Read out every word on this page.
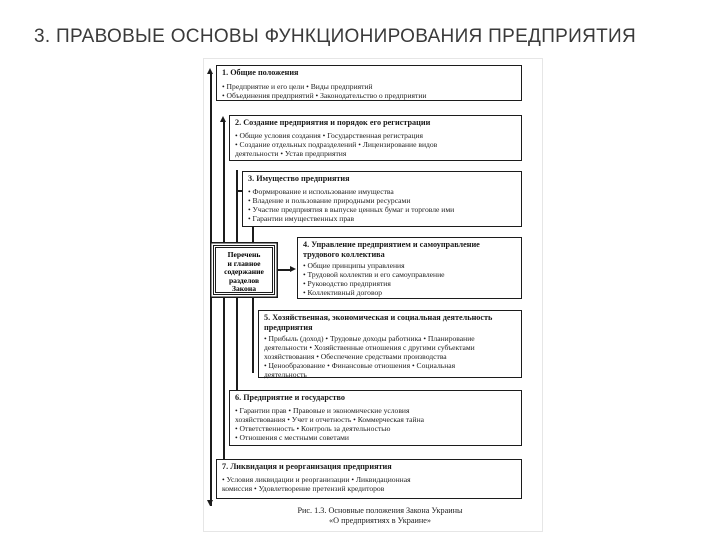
3. ПРАВОВЫЕ ОСНОВЫ ФУНКЦИОНИРОВАНИЯ ПРЕДПРИЯТИЯ
1. Общие положения
• Предприятие и его цели • Виды предприятий
• Объединения предприятий • Законодательство о предприятии
2. Создание предприятия и порядок его регистрации
• Общие условия создания • Государственная регистрация
• Создание отдельных подразделений • Лицензирование видов
деятельности • Устав предприятия
3. Имущество предприятия
• Формирование и использование имущества
• Владение и пользование природными ресурсами
• Участие предприятия в выпуске ценных бумаг и торговле ими
• Гарантии имущественных прав
4. Управление предприятием и самоуправление трудового коллектива
• Общие принципы управления
• Трудовой коллектив и его самоуправление
• Руководство предприятия
• Коллективный договор
5. Хозяйственная, экономическая и социальная деятельность предприятия
• Прибыль (доход) • Трудовые доходы работника • Планирование
деятельности • Хозяйственные отношения с другими субъектами
хозяйствования • Обеспечение средствами производства
• Ценообразование • Финансовые отношения • Социальная
деятельность
6. Предприятие и государство
• Гарантии прав • Правовые и экономические условия
хозяйствования • Учет и отчетность • Коммерческая тайна
• Ответственность • Контроль за деятельностью
• Отношения с местными советами
7. Ликвидация и реорганизация предприятия
• Условия ликвидации и реорганизации • Ликвидационная
комиссия • Удовлетворение претензий кредиторов
Перечень
и главное
содержание
разделов
Закона
Рис. 1.3. Основные положения Закона Украины
«О предприятиях в Украине»
